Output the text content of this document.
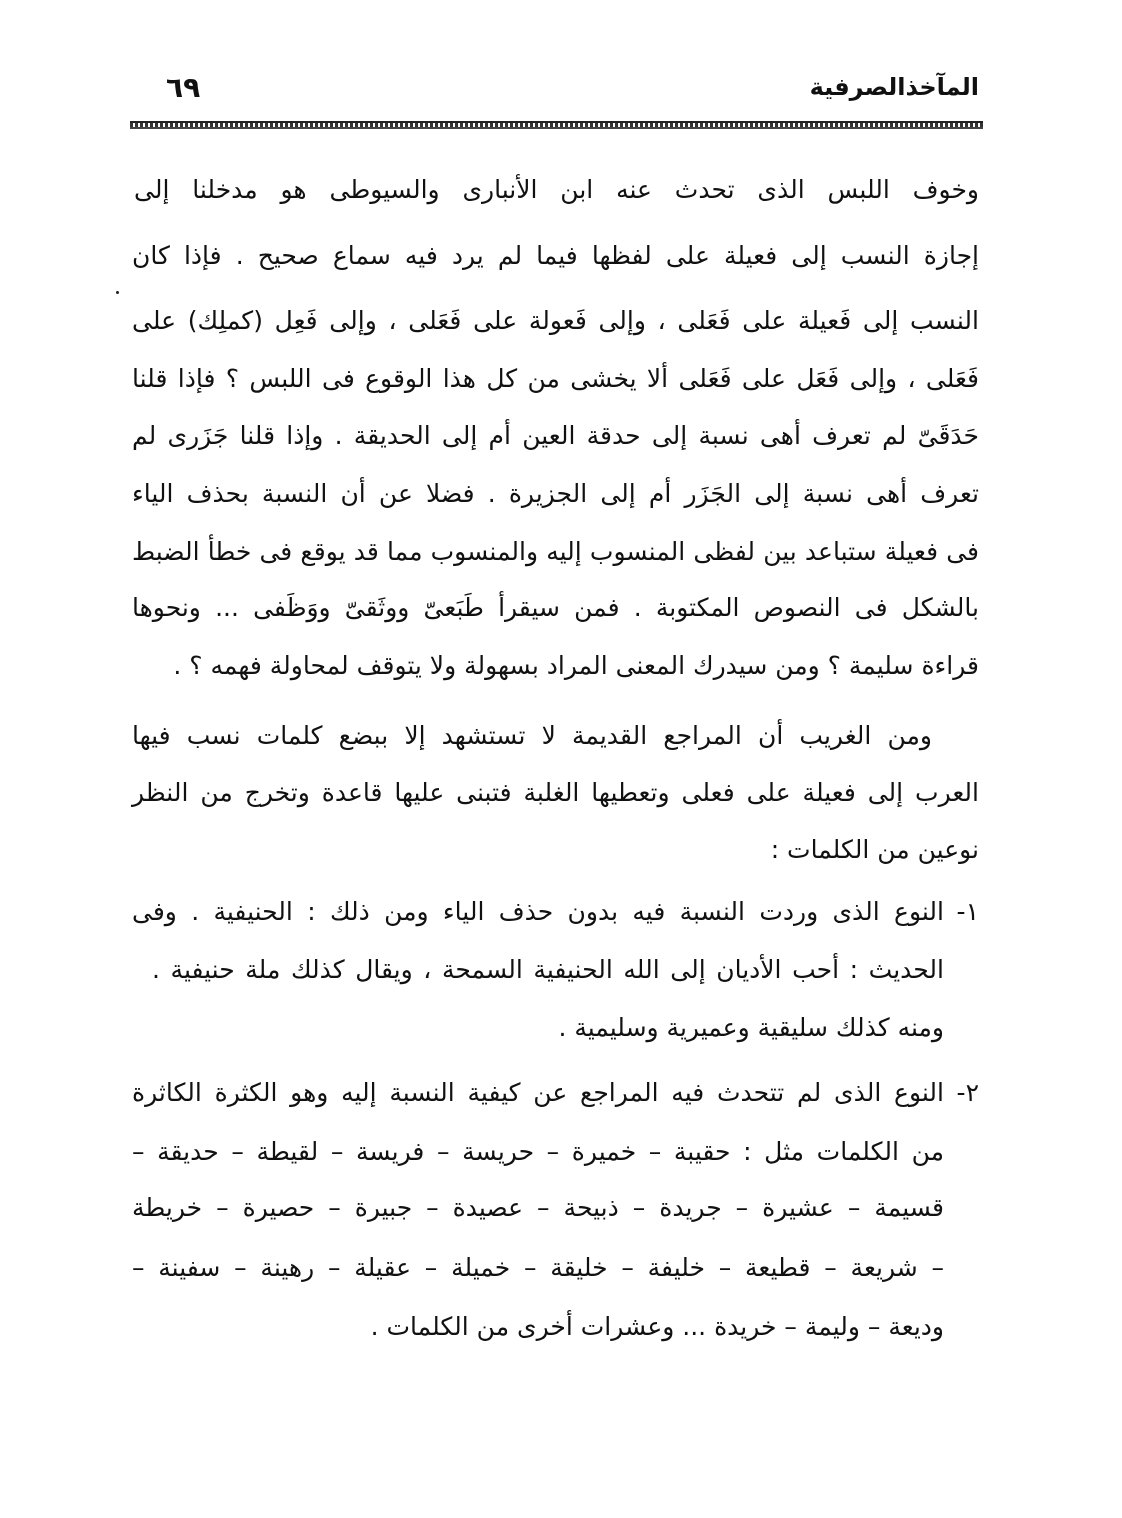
المآخذالصرفية
٦٩
وخوف اللبس الذى تحدث عنه ابن الأنبارى والسيوطى هو مدخلنا إلى
إجازة النسب إلى فعيلة على لفظها فيما لم يرد فيه سماع صحيح . فإذا كان
النسب إلى فَعيلة على فَعَلى ، وإلى فَعولة على فَعَلى ، وإلى فَعِل (كملِك) على
فَعَلى ، وإلى فَعَل على فَعَلى ألا يخشى من كل هذا الوقوع فى اللبس ؟ فإذا قلنا
حَدَقَىّ لم تعرف أهى نسبة إلى حدقة العين أم إلى الحديقة . وإذا قلنا جَزَرى لم
تعرف أهى نسبة إلى الجَزَر أم إلى الجزيرة . فضلا عن أن النسبة بحذف الياء
فى فعيلة ستباعد بين لفظى المنسوب إليه والمنسوب مما قد يوقع فى خطأ الضبط
بالشكل فى النصوص المكتوبة . فمن سيقرأ طَبَعىّ ووثَقىّ ووَظَفى ... ونحوها
قراءة سليمة ؟ ومن سيدرك المعنى المراد بسهولة ولا يتوقف لمحاولة فهمه ؟ .
ومن الغريب أن المراجع القديمة لا تستشهد إلا ببضع كلمات نسب فيها
العرب إلى فعيلة على فعلى وتعطيها الغلبة فتبنى عليها قاعدة وتخرج من النظر
نوعين من الكلمات :
١-
النوع الذى وردت النسبة فيه بدون حذف الياء ومن ذلك : الحنيفية . وفى
الحديث : أحب الأديان إلى الله الحنيفية السمحة ، ويقال كذلك ملة حنيفية .
ومنه كذلك سليقية وعميرية وسليمية .
٢-
النوع الذى لم تتحدث فيه المراجع عن كيفية النسبة إليه وهو الكثرة الكاثرة
من الكلمات مثل : حقيبة – خميرة – حريسة – فريسة – لقيطة – حديقة –
قسيمة – عشيرة – جريدة – ذبيحة – عصيدة – جبيرة – حصيرة – خريطة
– شريعة – قطيعة – خليفة – خليقة – خميلة – عقيلة – رهينة – سفينة –
وديعة – وليمة – خريدة ... وعشرات أخرى من الكلمات .
